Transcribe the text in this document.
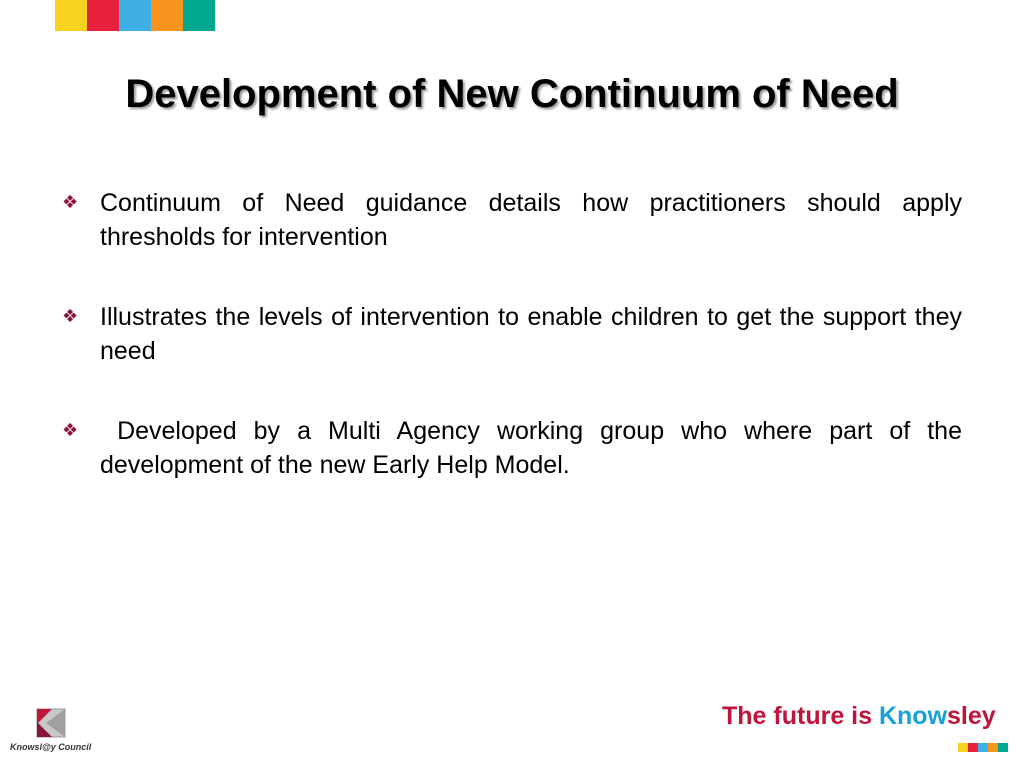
Development of New Continuum of Need
❖ Continuum of Need guidance details how practitioners should apply thresholds for intervention
❖ Illustrates the levels of intervention to enable children to get the support they need
❖ Developed by a Multi Agency working group who where part of the development of the new Early Help Model.
Knowsl@y Council
The future is Knowsley
